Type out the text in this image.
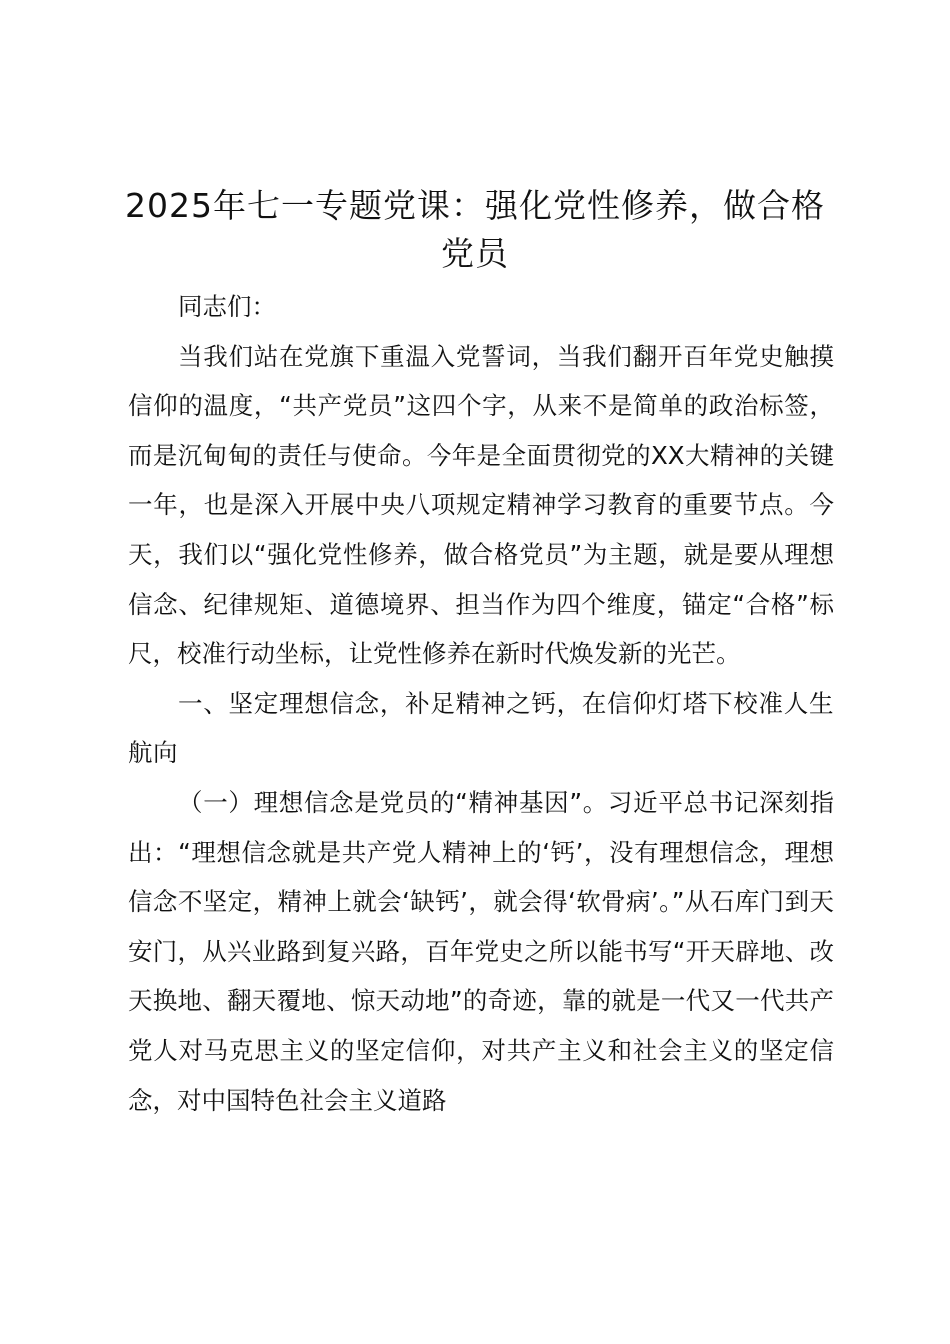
2025年七一专题党课：强化党性修养，做合格党员

同志们：

当我们站在党旗下重温入党誓词，当我们翻开百年党史触摸信仰的温度，“共产党员”这四个字，从来不是简单的政治标签，而是沉甸甸的责任与使命。今年是全面贯彻党的XX大精神的关键一年，也是深入开展中央八项规定精神学习教育的重要节点。今天，我们以“强化党性修养，做合格党员”为主题，就是要从理想信念、纪律规矩、道德境界、担当作为四个维度，锚定“合格”标尺，校准行动坐标，让党性修养在新时代焕发新的光芒。

一、坚定理想信念，补足精神之钙，在信仰灯塔下校准人生航向

（一）理想信念是党员的“精神基因”。习近平总书记深刻指出：“理想信念就是共产党人精神上的‘钙’，没有理想信念，理想信念不坚定，精神上就会‘缺钙’，就会得‘软骨病’。”从石库门到天安门，从兴业路到复兴路，百年党史之所以能书写“开天辟地、改天换地、翻天覆地、惊天动地”的奇迹，靠的就是一代又一代共产党人对马克思主义的坚定信仰，对共产主义和社会主义的坚定信念，对中国特色社会主义道路
